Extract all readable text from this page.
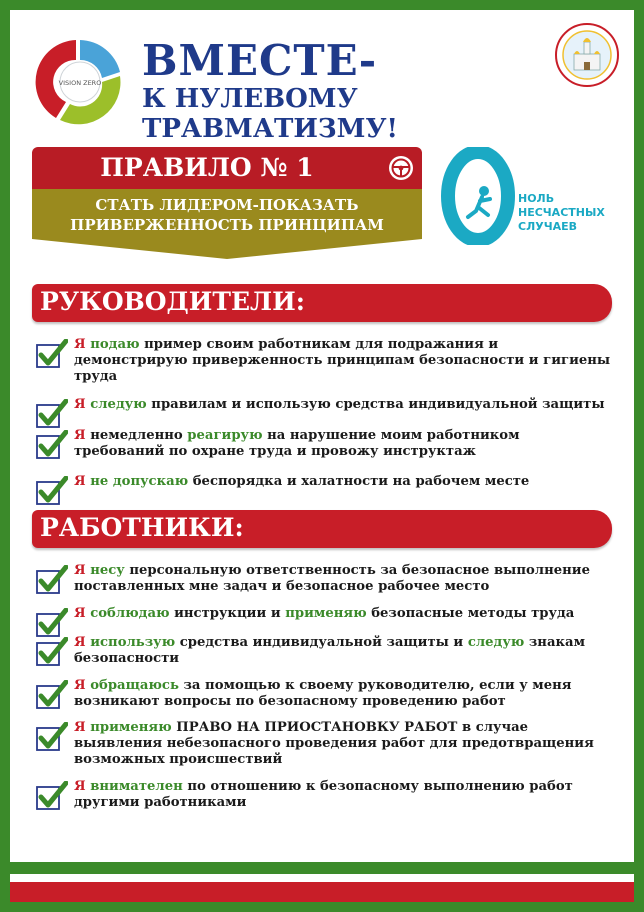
VISION ZERO ВМЕСТЕ-
К НУЛЕВОМУ ТРАВМАТИЗМУ!
ПРАВИЛО № 1
СТАТЬ ЛИДЕРОМ-ПОКАЗАТЬ
ПРИВЕРЖЕННОСТЬ ПРИНЦИПАМ
НОЛЬ
НЕСЧАСТНЫХ
СЛУЧАЕВ
РУКОВОДИТЕЛИ:
Я подаю пример своим работникам для подражания и демонстрирую приверженность принципам безопасности и гигиены труда
Я следую правилам и использую средства индивидуальной защиты
Я немедленно реагирую на нарушение моим работником требований по охране труда и провожу инструктаж
Я не допускаю беспорядка и халатности на рабочем месте
РАБОТНИКИ:
Я несу персональную ответственность за безопасное выполнение поставленных мне задач и безопасное рабочее место
Я соблюдаю инструкции и применяю безопасные методы труда
Я использую средства индивидуальной защиты и следую знакам безопасности
Я обращаюсь за помощью к своему руководителю, если у меня возникают вопросы по безопасному проведению работ
Я применяю ПРАВО НА ПРИОСТАНОВКУ РАБОТ в случае выявления небезопасного проведения работ для предотвращения возможных происшествий
Я внимателен по отношению к безопасному выполнению работ другими работниками
